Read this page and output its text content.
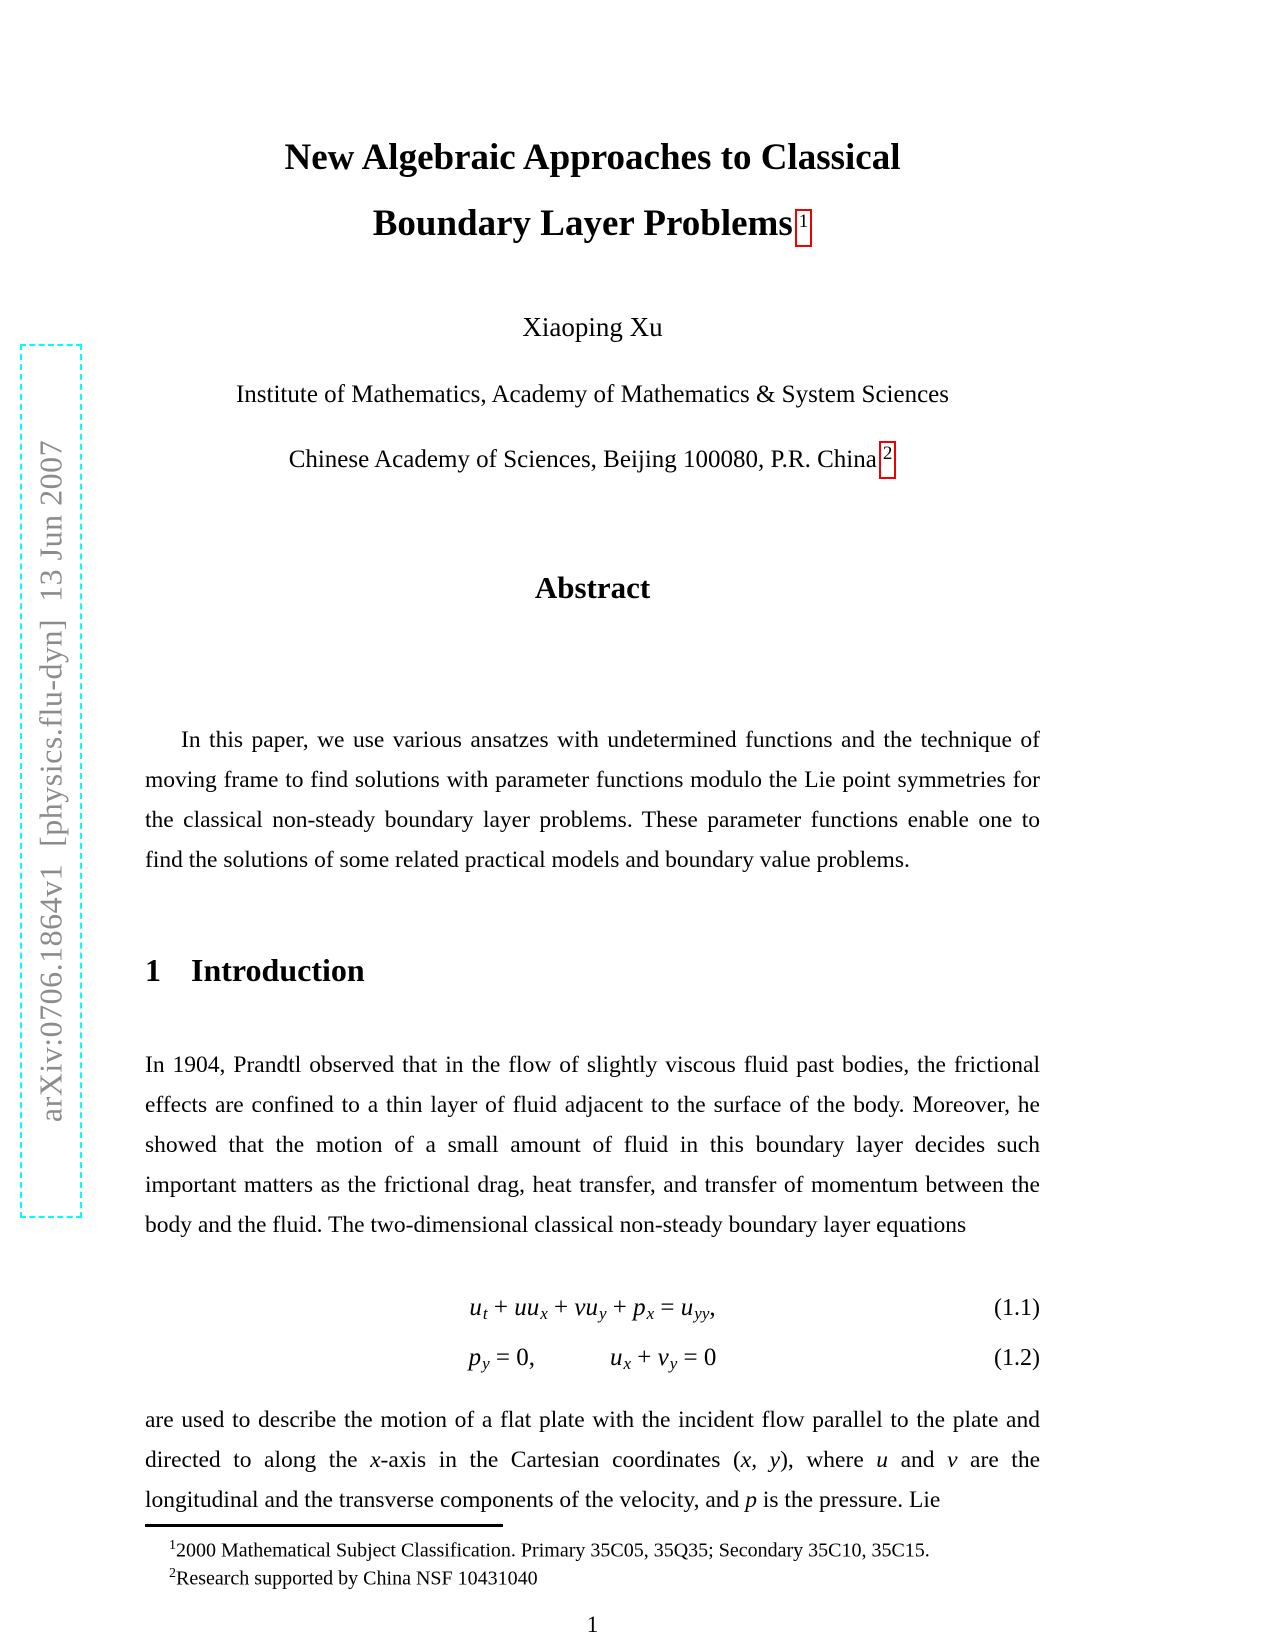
arXiv:0706.1864v1  [physics.flu-dyn]  13 Jun 2007
New Algebraic Approaches to Classical
Boundary Layer Problems 1
Xiaoping Xu
Institute of Mathematics, Academy of Mathematics & System Sciences
Chinese Academy of Sciences, Beijing 100080, P.R. China 2
Abstract
In this paper, we use various ansatzes with undetermined functions and the technique of moving frame to find solutions with parameter functions modulo the Lie point symmetries for the classical non-steady boundary layer problems. These parameter functions enable one to find the solutions of some related practical models and boundary value problems.
1 Introduction
In 1904, Prandtl observed that in the flow of slightly viscous fluid past bodies, the frictional effects are confined to a thin layer of fluid adjacent to the surface of the body. Moreover, he showed that the motion of a small amount of fluid in this boundary layer decides such important matters as the frictional drag, heat transfer, and transfer of momentum between the body and the fluid. The two-dimensional classical non-steady boundary layer equations
ut + uux + vuy + px = uyy,	(1.1)
py = 0,   	ux + vy = 0	(1.2)
are used to describe the motion of a flat plate with the incident flow parallel to the plate and directed to along the x-axis in the Cartesian coordinates (x, y), where u and v are the longitudinal and the transverse components of the velocity, and p is the pressure. Lie
$^1$2000 Mathematical Subject Classification. Primary 35C05, 35Q35; Secondary 35C10, 35C15.
$^2$Research supported by China NSF 10431040
1
